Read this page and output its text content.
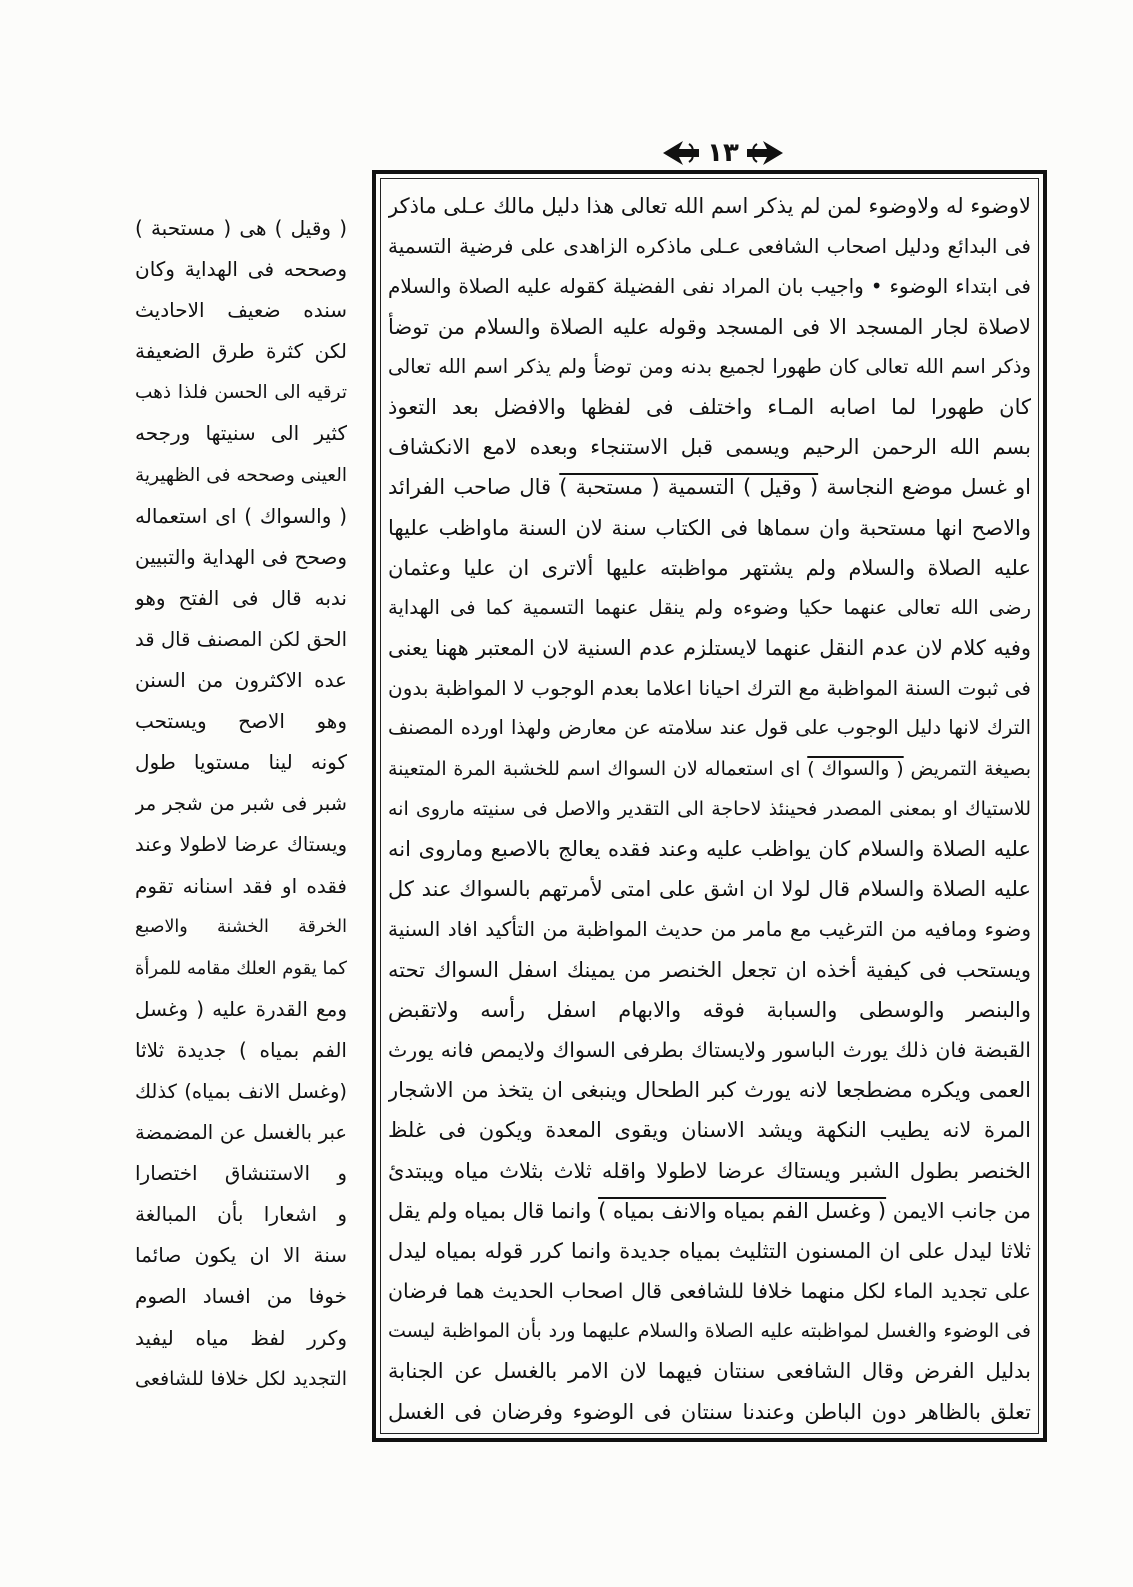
١٣
لاوضوء له ولاوضوء لمن لم يذكر اسم الله تعالى هذا دليل مالك عـلى ماذكر
فى البدائع ودليل اصحاب الشافعى عـلى ماذكره الزاهدى على فرضية التسمية
فى ابتداء الوضوء • واجيب بان المراد نفى الفضيلة كقوله عليه الصلاة والسلام
لاصلاة لجار المسجد الا فى المسجد وقوله عليه الصلاة والسلام من توضأ
وذكر اسم الله تعالى كان طهورا لجميع بدنه ومن توضأ ولم يذكر اسم الله تعالى
كان طهورا لما اصابه المـاء واختلف فى لفظها والافضل بعد التعوذ
بسم الله الرحمن الرحيم ويسمى قبل الاستنجاء وبعده لامع الانكشاف
او غسل موضع النجاسة ( وقيل ) التسمية ( مستحبة ) قال صاحب الفرائد
والاصح انها مستحبة وان سماها فى الكتاب سنة لان السنة ماواظب عليها
عليه الصلاة والسلام ولم يشتهر مواظبته عليها ألاترى ان عليا وعثمان
رضى الله تعالى عنهما حكيا وضوءه ولم ينقل عنهما التسمية كما فى الهداية
وفيه كلام لان عدم النقل عنهما لايستلزم عدم السنية لان المعتبر ههنا يعنى
فى ثبوت السنة المواظبة مع الترك احيانا اعلاما بعدم الوجوب لا المواظبة بدون
الترك لانها دليل الوجوب على قول عند سلامته عن معارض ولهذا اورده المصنف
بصيغة التمريض ( والسواك ) اى استعماله لان السواك اسم للخشبة المرة المتعينة
للاستياك او بمعنى المصدر فحينئذ لاحاجة الى التقدير والاصل فى سنيته ماروى انه
عليه الصلاة والسلام كان يواظب عليه وعند فقده يعالج بالاصبع وماروى انه
عليه الصلاة والسلام قال لولا ان اشق على امتى لأمرتهم بالسواك عند كل
وضوء ومافيه من الترغيب مع مامر من حديث المواظبة من التأكيد افاد السنية
ويستحب فى كيفية أخذه ان تجعل الخنصر من يمينك اسفل السواك تحته
والبنصر والوسطى والسبابة فوقه والابهام اسفل رأسه ولاتقبض
القبضة فان ذلك يورث الباسور ولايستاك بطرفى السواك ولايمص فانه يورث
العمى ويكره مضطجعا لانه يورث كبر الطحال وينبغى ان يتخذ من الاشجار
المرة لانه يطيب النكهة ويشد الاسنان ويقوى المعدة ويكون فى غلظ
الخنصر بطول الشبر ويستاك عرضا لاطولا واقله ثلاث بثلاث مياه ويبتدئ
من جانب الايمن ( وغسل الفم بمياه والانف بمياه ) وانما قال بمياه ولم يقل
ثلاثا ليدل على ان المسنون التثليث بمياه جديدة وانما كرر قوله بمياه ليدل
على تجديد الماء لكل منهما خلافا للشافعى قال اصحاب الحديث هما فرضان
فى الوضوء والغسل لمواظبته عليه الصلاة والسلام عليهما ورد بأن المواظبة ليست
بدليل الفرض وقال الشافعى سنتان فيهما لان الامر بالغسل عن الجنابة
تعلق بالظاهر دون الباطن وعندنا سنتان فى الوضوء وفرضان فى الغسل
( وقيل ) هى ( مستحبة )
وصححه فى الهداية وكان
سنده ضعيف الاحاديث
لكن كثرة طرق الضعيفة
ترقيه الى الحسن فلذا ذهب
كثير الى سنيتها ورجحه
العينى وصححه فى الظهيرية
( والسواك ) اى استعماله
وصحح فى الهداية والتبيين
ندبه قال فى الفتح وهو
الحق لكن المصنف قال قد
عده الاكثرون من السنن
وهو الاصح ويستحب
كونه لينا مستويا طول
شبر فى شبر من شجر مر
ويستاك عرضا لاطولا وعند
فقده او فقد اسنانه تقوم
الخرقة الخشنة والاصبع
كما يقوم العلك مقامه للمرأة
ومع القدرة عليه ( وغسل
الفم بمياه ) جديدة ثلاثا
(وغسل الانف بمياه) كذلك
عبر بالغسل عن المضمضة
و الاستنشاق اختصارا
و اشعارا بأن المبالغة
سنة الا ان يكون صائما
خوفا من افساد الصوم
وكرر لفظ مياه ليفيد
التجديد لكل خلافا للشافعى
